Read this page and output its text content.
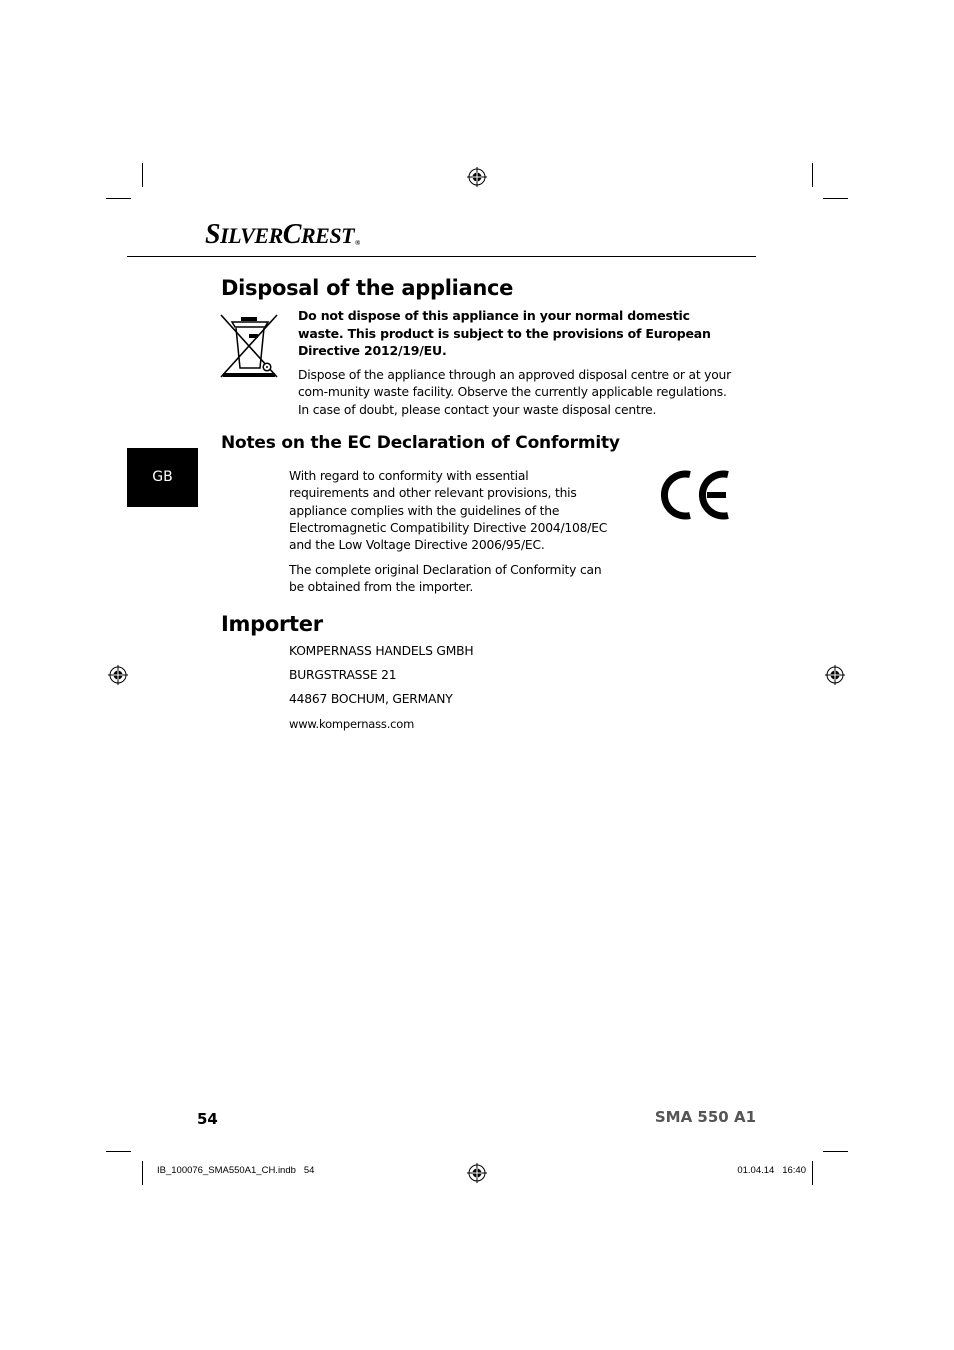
SILVERCREST®
Disposal of the appliance
Do not dispose of this appliance in your normal domestic waste. This product is subject to the provisions of European Directive 2012/19/EU.
Dispose of the appliance through an approved disposal centre or at your com-munity waste facility. Observe the currently applicable regulations. In case of doubt, please contact your waste disposal centre.
Notes on the EC Declaration of Conformity
GB	With regard to conformity with essential requirements and other relevant provisions, this appliance complies with the guidelines of the Electromagnetic Compatibility Directive 2004/108/EC and the Low Voltage Directive 2006/95/EC.
The complete original Declaration of Conformity can be obtained from the importer.
Importer
KOMPERNASS HANDELS GMBH
BURGSTRASSE 21
44867 BOCHUM, GERMANY
www.kompernass.com
54	SMA 550 A1
IB_100076_SMA550A1_CH.indb   54	01.04.14   16:40
